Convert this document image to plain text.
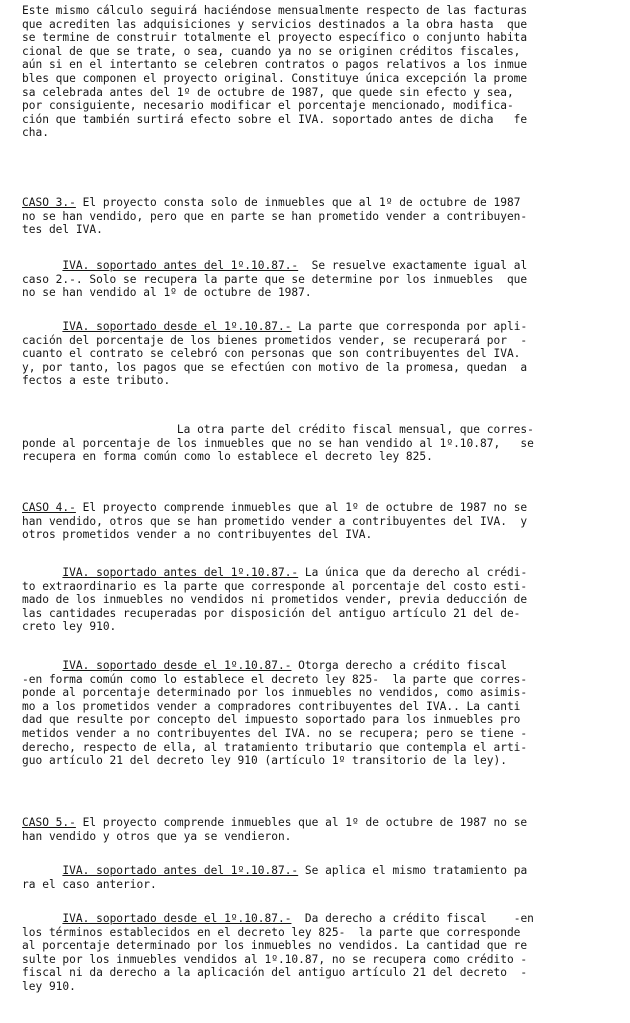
Este mismo cálculo seguirá haciéndose mensualmente respecto de las facturas
que acrediten las adquisiciones y servicios destinados a la obra hasta  que
se termine de construir totalmente el proyecto específico o conjunto habita
cional de que se trate, o sea, cuando ya no se originen créditos fiscales,
aún si en el intertanto se celebren contratos o pagos relativos a los inmue
bles que componen el proyecto original. Constituye única excepción la prome
sa celebrada antes del 1º de octubre de 1987, que quede sin efecto y sea,
por consiguiente, necesario modificar el porcentaje mencionado, modifica-
ción que también surtirá efecto sobre el IVA. soportado antes de dicha   fe
cha.
CASO 3.- El proyecto consta solo de inmuebles que al 1º de octubre de 1987
no se han vendido, pero que en parte se han prometido vender a contribuyen-
tes del IVA.
IVA. soportado antes del 1º.10.87.-  Se resuelve exactamente igual al
caso 2.-. Solo se recupera la parte que se determine por los inmuebles  que
no se han vendido al 1º de octubre de 1987.
IVA. soportado desde el 1º.10.87.- La parte que corresponda por apli-
cación del porcentaje de los bienes prometidos vender, se recuperará por  -
cuanto el contrato se celebró con personas que son contribuyentes del IVA.
y, por tanto, los pagos que se efectúen con motivo de la promesa, quedan  a
fectos a este tributo.
La otra parte del crédito fiscal mensual, que corres-
ponde al porcentaje de los inmuebles que no se han vendido al 1º.10.87,   se
recupera en forma común como lo establece el decreto ley 825.
CASO 4.- El proyecto comprende inmuebles que al 1º de octubre de 1987 no se
han vendido, otros que se han prometido vender a contribuyentes del IVA.  y
otros prometidos vender a no contribuyentes del IVA.
IVA. soportado antes del 1º.10.87.- La única que da derecho al crédi-
to extraordinario es la parte que corresponde al porcentaje del costo esti-
mado de los inmuebles no vendidos ni prometidos vender, previa deducción de
las cantidades recuperadas por disposición del antiguo artículo 21 del de-
creto ley 910.
IVA. soportado desde el 1º.10.87.- Otorga derecho a crédito fiscal
-en forma común como lo establece el decreto ley 825-  la parte que corres-
ponde al porcentaje determinado por los inmuebles no vendidos, como asimis-
mo a los prometidos vender a compradores contribuyentes del IVA.. La canti
dad que resulte por concepto del impuesto soportado para los inmuebles pro
metidos vender a no contribuyentes del IVA. no se recupera; pero se tiene -
derecho, respecto de ella, al tratamiento tributario que contempla el arti-
guo artículo 21 del decreto ley 910 (artículo 1º transitorio de la ley).
CASO 5.- El proyecto comprende inmuebles que al 1º de octubre de 1987 no se
han vendido y otros que ya se vendieron.
IVA. soportado antes del 1º.10.87.- Se aplica el mismo tratamiento pa
ra el caso anterior.
IVA. soportado desde el 1º.10.87.-  Da derecho a crédito fiscal    -en
los términos establecidos en el decreto ley 825-  la parte que corresponde
al porcentaje determinado por los inmuebles no vendidos. La cantidad que re
sulte por los inmuebles vendidos al 1º.10.87, no se recupera como crédito -
fiscal ni da derecho a la aplicación del antiguo artículo 21 del decreto  -
ley 910.
